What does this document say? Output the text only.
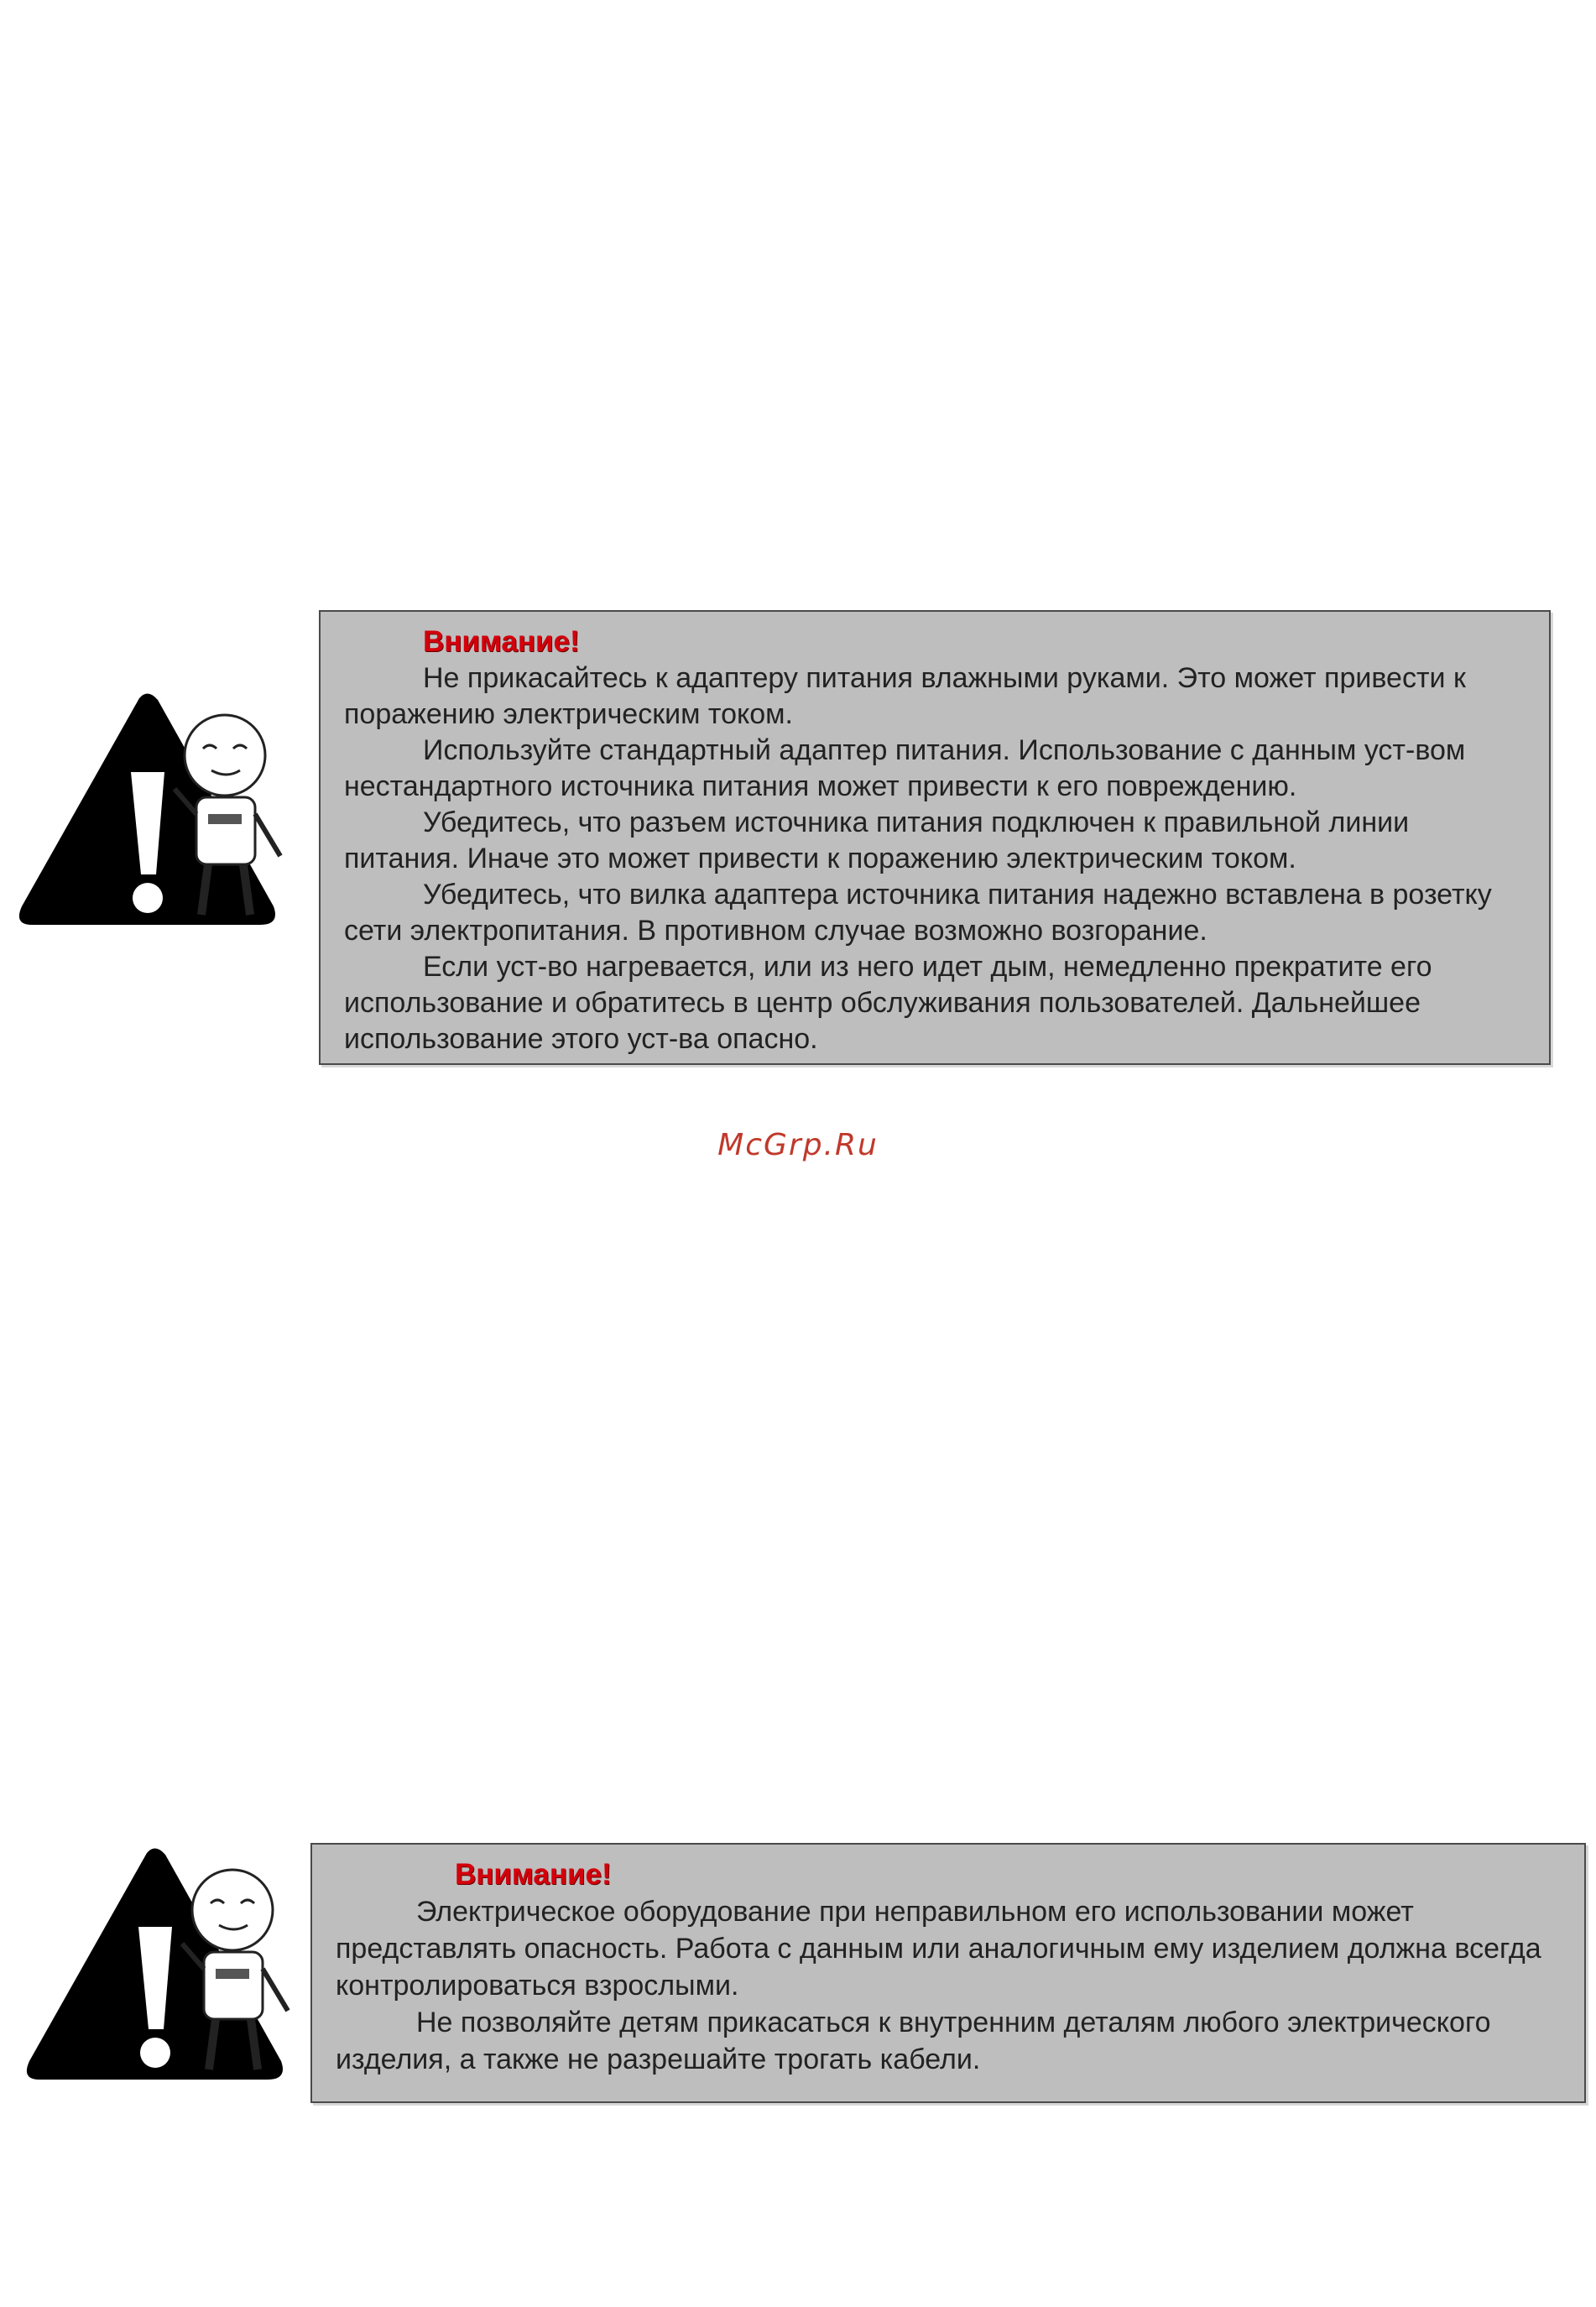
Внимание!

Не прикасайтесь к адаптеру питания влажными руками. Это может привести к поражению электрическим током.

Используйте стандартный адаптер питания. Использование с данным уст-вом нестандартного источника питания может привести к его повреждению.

Убедитесь, что разъем источника питания подключен к правильной линии питания. Иначе это может привести к поражению электрическим током.

Убедитесь, что вилка адаптера источника питания надежно вставлена в розетку сети электропитания. В противном случае возможно возгорание.

Если уст-во нагревается, или из него идет дым, немедленно прекратите его использование и обратитесь в центр обслуживания пользователей. Дальнейшее использование этого уст-ва опасно.

McGrp.Ru
Внимание!

Электрическое оборудование при неправильном его использовании может представлять опасность. Работа с данным или аналогичным ему изделием должна всегда контролироваться взрослыми.

Не позволяйте детям прикасаться к внутренним деталям любого электрического изделия, а также не разрешайте трогать кабели.
